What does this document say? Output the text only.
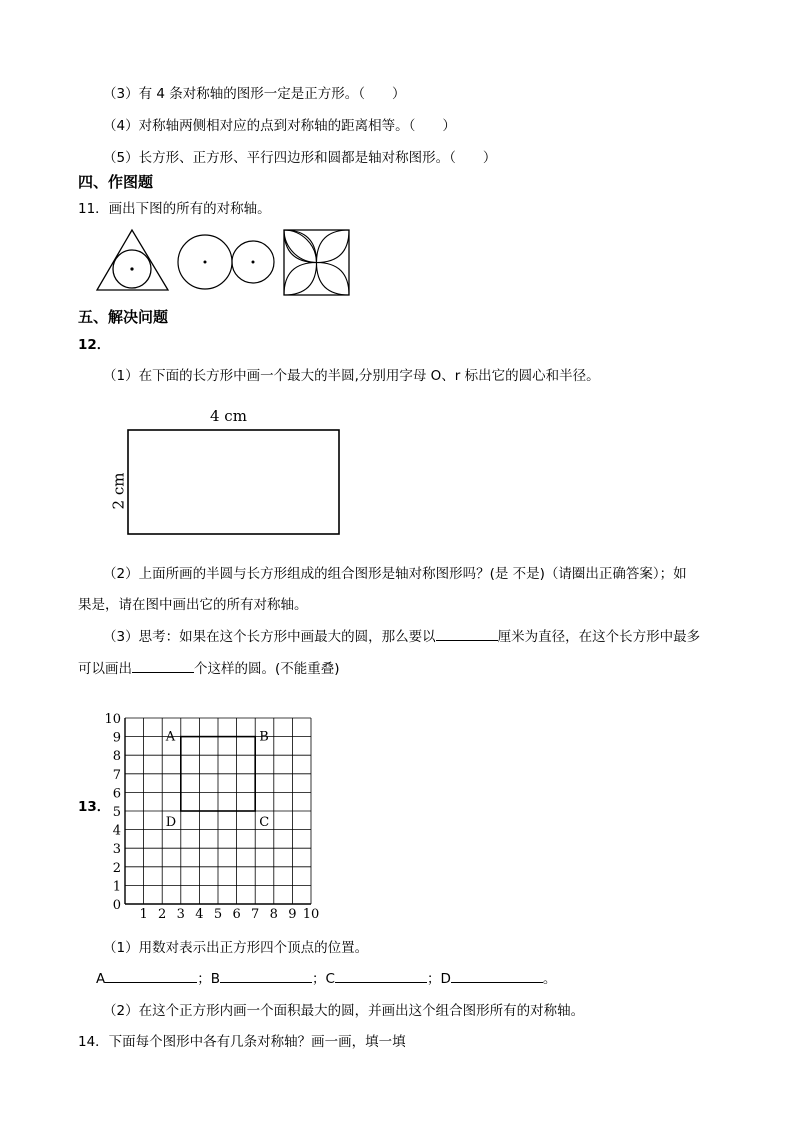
（3）有 4 条对称轴的图形一定是正方形。（　　）
（4）对称轴两侧相对应的点到对称轴的距离相等。（　　）
（5）长方形、正方形、平行四边形和圆都是轴对称图形。（　　）
四、作图题
11．画出下图的所有的对称轴。
五、解决问题
12．
（1）在下面的长方形中画一个最大的半圆,分别用字母 O、r 标出它的圆心和半径。
4 cm
2 cm
（2）上面所画的半圆与长方形组成的组合图形是轴对称图形吗？(是 不是)（请圈出正确答案）；如
果是，请在图中画出它的所有对称轴。
（3）思考：如果在这个长方形中画最大的圆，那么要以	厘米为直径，在这个长方形中最多
可以画出	个这样的圆。(不能重叠)
13．
1 2 3 4 5 6 7 8 9 10
0
1
2
3
4
5
6
7
8
9
10
A	B
C
D
（1）用数对表示出正方形四个顶点的位置。
A	；B	；C	；D	。
（2）在这个正方形内画一个面积最大的圆，并画出这个组合图形所有的对称轴。
14．下面每个图形中各有几条对称轴？画一画，填一填
